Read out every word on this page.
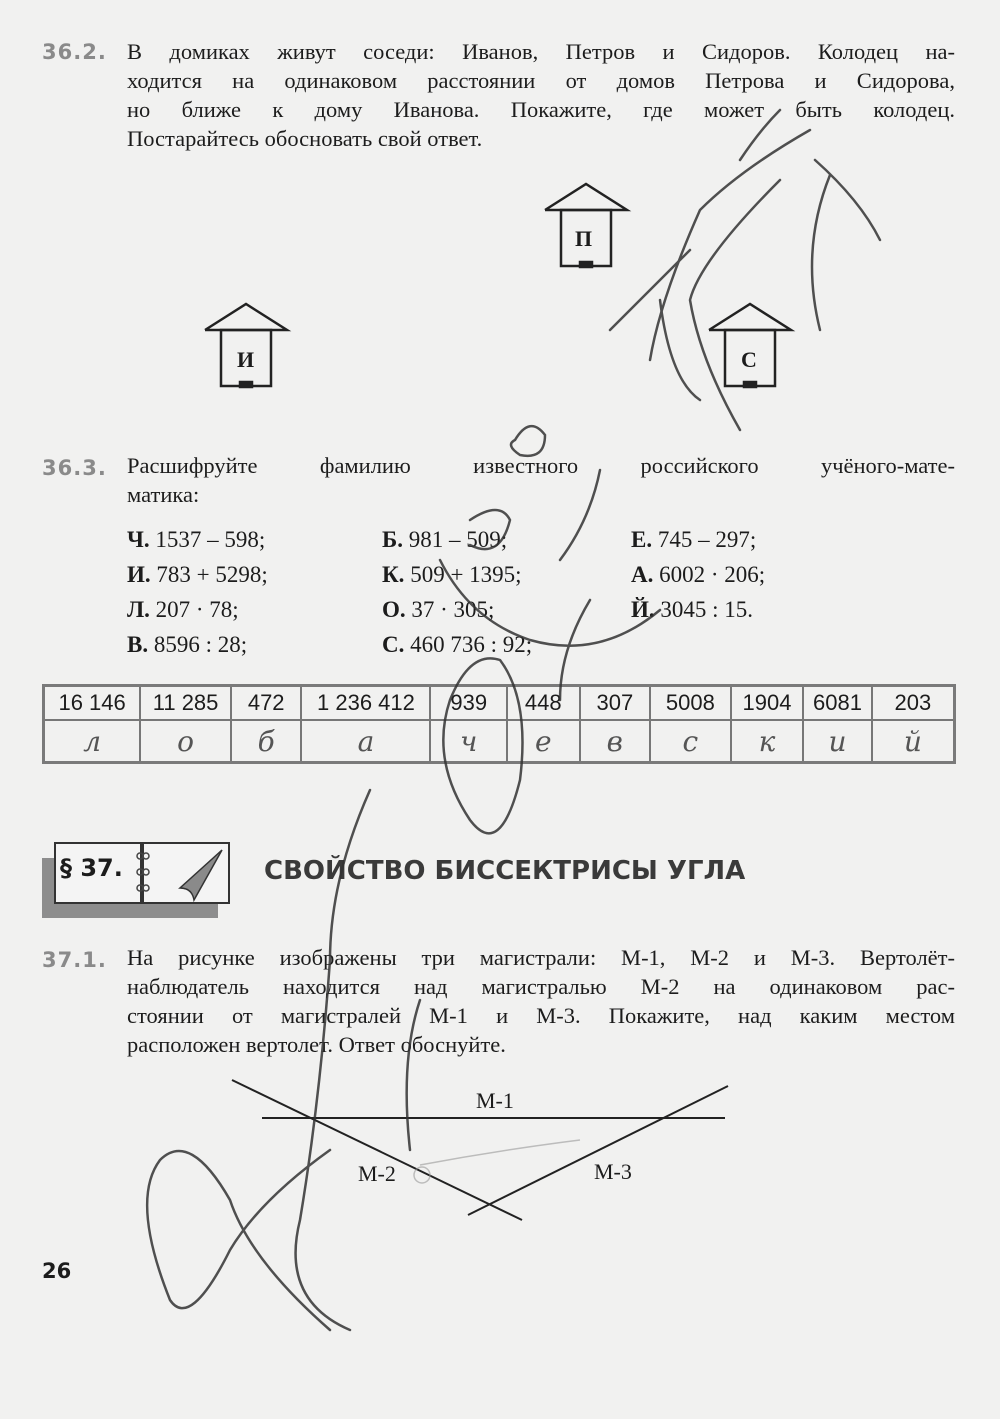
36.2. В домиках живут соседи: Иванов, Петров и Сидоров. Колодец на-
ходится на одинаковом расстоянии от домов Петрова и Сидорова,
но ближе к дому Иванова. Покажите, где может быть колодец.
Постарайтесь обосновать свой ответ.
П
И	С
36.3. Расшифруйте фамилию известного российского учёного-мате-
матика:
Ч. 1537 – 598;	Б. 981 – 509;	Е. 745 – 297;
И. 783 + 5298;	К. 509 + 1395;	А. 6002 · 206;
Л. 207 · 78;	О. 37 · 305;	Й. 3045 : 15.
В. 8596 : 28;	С. 460 736 : 92;
16 146	11 285	472	1 236 412	939	448	307	5008	1904	6081	203
л	о	б	а	ч	е	в	с	к	и	й
§ 37.	СВОЙСТВО БИССЕКТРИСЫ УГЛА
37.1. На рисунке изображены три магистрали: М-1, М-2 и М-3. Вертолёт-
наблюдатель находится над магистралью М-2 на одинаковом рас-
стоянии от магистралей М-1 и М-3. Покажите, над каким местом
расположен вертолет. Ответ обоснуйте.
М-1
М-2	М-3
26
